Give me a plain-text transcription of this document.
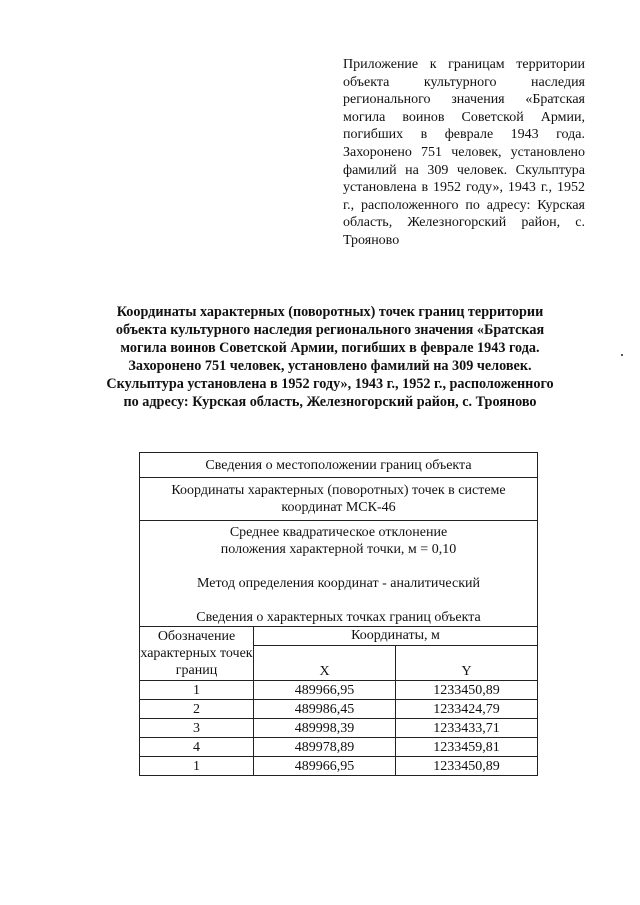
Приложение к границам территории объекта культурного наследия регионального значения «Братская могила воинов Советской Армии, погибших в феврале 1943 года. Захоронено 751 человек, установлено фамилий на 309 человек. Скульптура установлена в 1952 году», 1943 г., 1952 г., расположенного по адресу: Курская область, Железногорский район, с. Трояново
Координаты характерных (поворотных) точек границ территории объекта культурного наследия регионального значения «Братская могила воинов Советской Армии, погибших в феврале 1943 года. Захоронено 751 человек, установлено фамилий на 309 человек. Скульптура установлена в 1952 году», 1943 г., 1952 г., расположенного по адресу: Курская область, Железногорский район, с. Трояново
Сведения о местоположении границ объекта		
Координаты характерных (поворотных) точек в системе координат МСК-46		

Среднее квадратическое отклонение положения характерной точки, м = 0,10
Метод определения координат - аналитический
Сведения о характерных точках границ объекта		

Обозначение характерных точек границ	Координаты, м	
	X	Y
1	489966,95	1233450,89
2	489986,45	1233424,79
3	489998,39	1233433,71
4	489978,89	1233459,81
1	489966,95	1233450,89
